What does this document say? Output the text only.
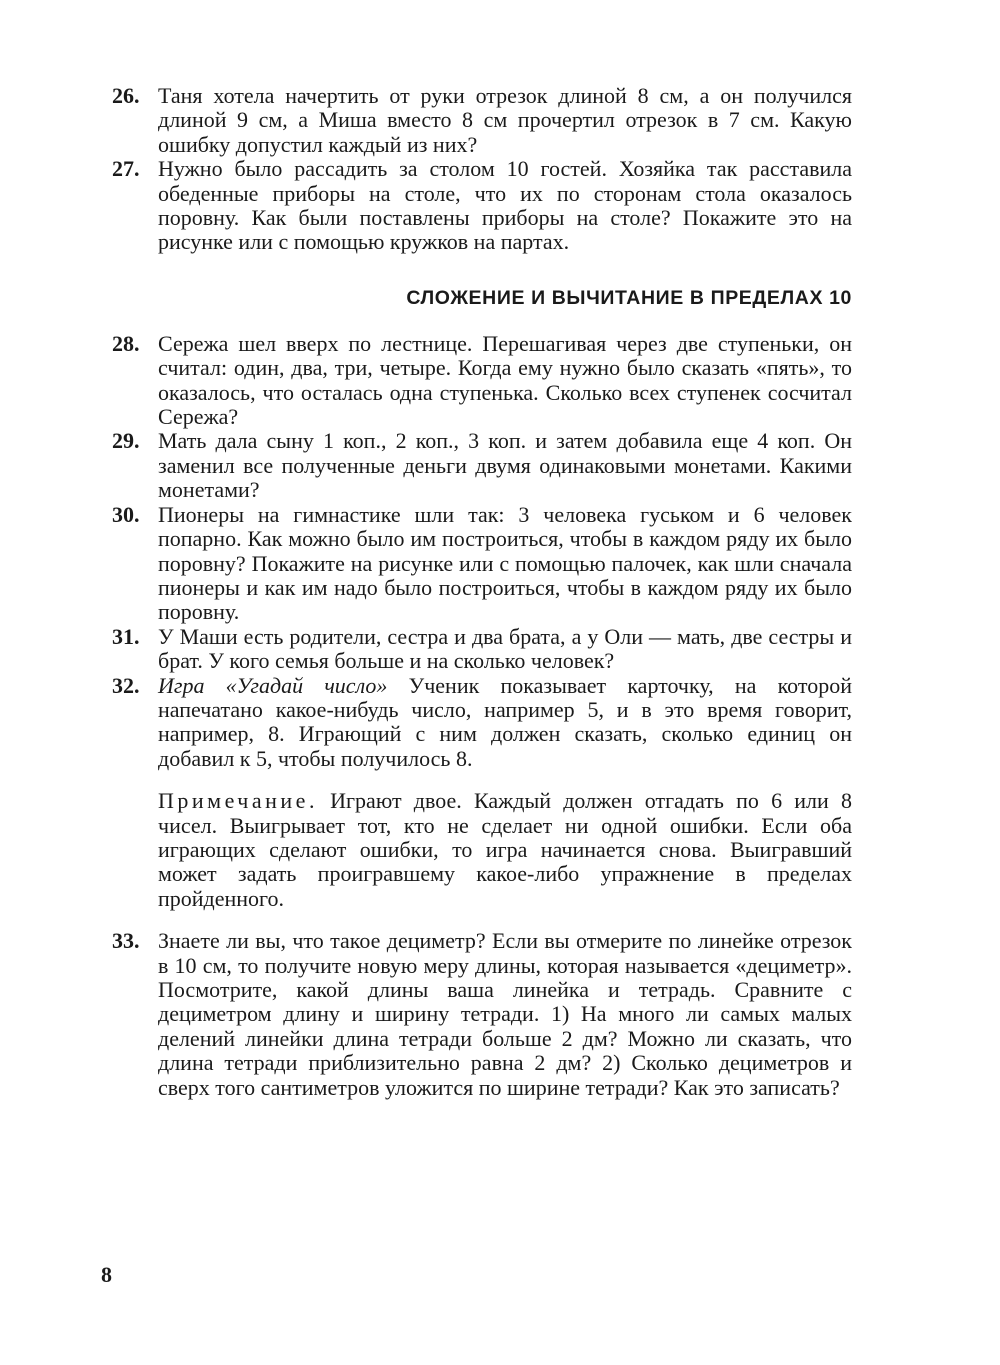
26. Таня хотела начертить от руки отрезок длиной 8 см, а он получился длиной 9 см, а Миша вместо 8 см прочертил отрезок в 7 см. Какую ошибку допустил каждый из них?
27. Нужно было рассадить за столом 10 гостей. Хозяйка так расставила обеденные приборы на столе, что их по сторонам стола оказалось поровну. Как были поставлены приборы на столе? Покажите это на рисунке или с помощью кружков на партах.
СЛОЖЕНИЕ И ВЫЧИТАНИЕ В ПРЕДЕЛАХ 10
28. Сережа шел вверх по лестнице. Перешагивая через две ступеньки, он считал: один, два, три, четыре. Когда ему нужно было сказать «пять», то оказалось, что осталась одна ступенька. Сколько всех ступенек сосчитал Сережа?
29. Мать дала сыну 1 коп., 2 коп., 3 коп. и затем добавила еще 4 коп. Он заменил все полученные деньги двумя одинаковыми монетами. Какими монетами?
30. Пионеры на гимнастике шли так: 3 человека гуськом и 6 человек попарно. Как можно было им построиться, чтобы в каждом ряду их было поровну? Покажите на рисунке или с помощью палочек, как шли сначала пионеры и как им надо было построиться, чтобы в каждом ряду их было поровну.
31. У Маши есть родители, сестра и два брата, а у Оли — мать, две сестры и брат. У кого семья больше и на сколько человек?
32. Игра «Угадай число» Ученик показывает карточку, на которой напечатано какое-нибудь число, например 5, и в это время говорит, например, 8. Играющий с ним должен сказать, сколько единиц он добавил к 5, чтобы получилось 8.
Примечание. Играют двое. Каждый должен отгадать по 6 или 8 чисел. Выигрывает тот, кто не сделает ни одной ошибки. Если оба играющих сделают ошибки, то игра начинается снова. Выигравший может задать проигравшему какое-либо упражнение в пределах пройденного.
33. Знаете ли вы, что такое дециметр? Если вы отмерите по линейке отрезок в 10 см, то получите новую меру длины, которая называется «дециметр». Посмотрите, какой длины ваша линейка и тетрадь. Сравните с дециметром длину и ширину тетради. 1) На много ли самых малых делений линейки длина тетради больше 2 дм? Можно ли сказать, что длина тетради приблизительно равна 2 дм? 2) Сколько дециметров и сверх того сантиметров уложится по ширине тетради? Как это записать?
8
